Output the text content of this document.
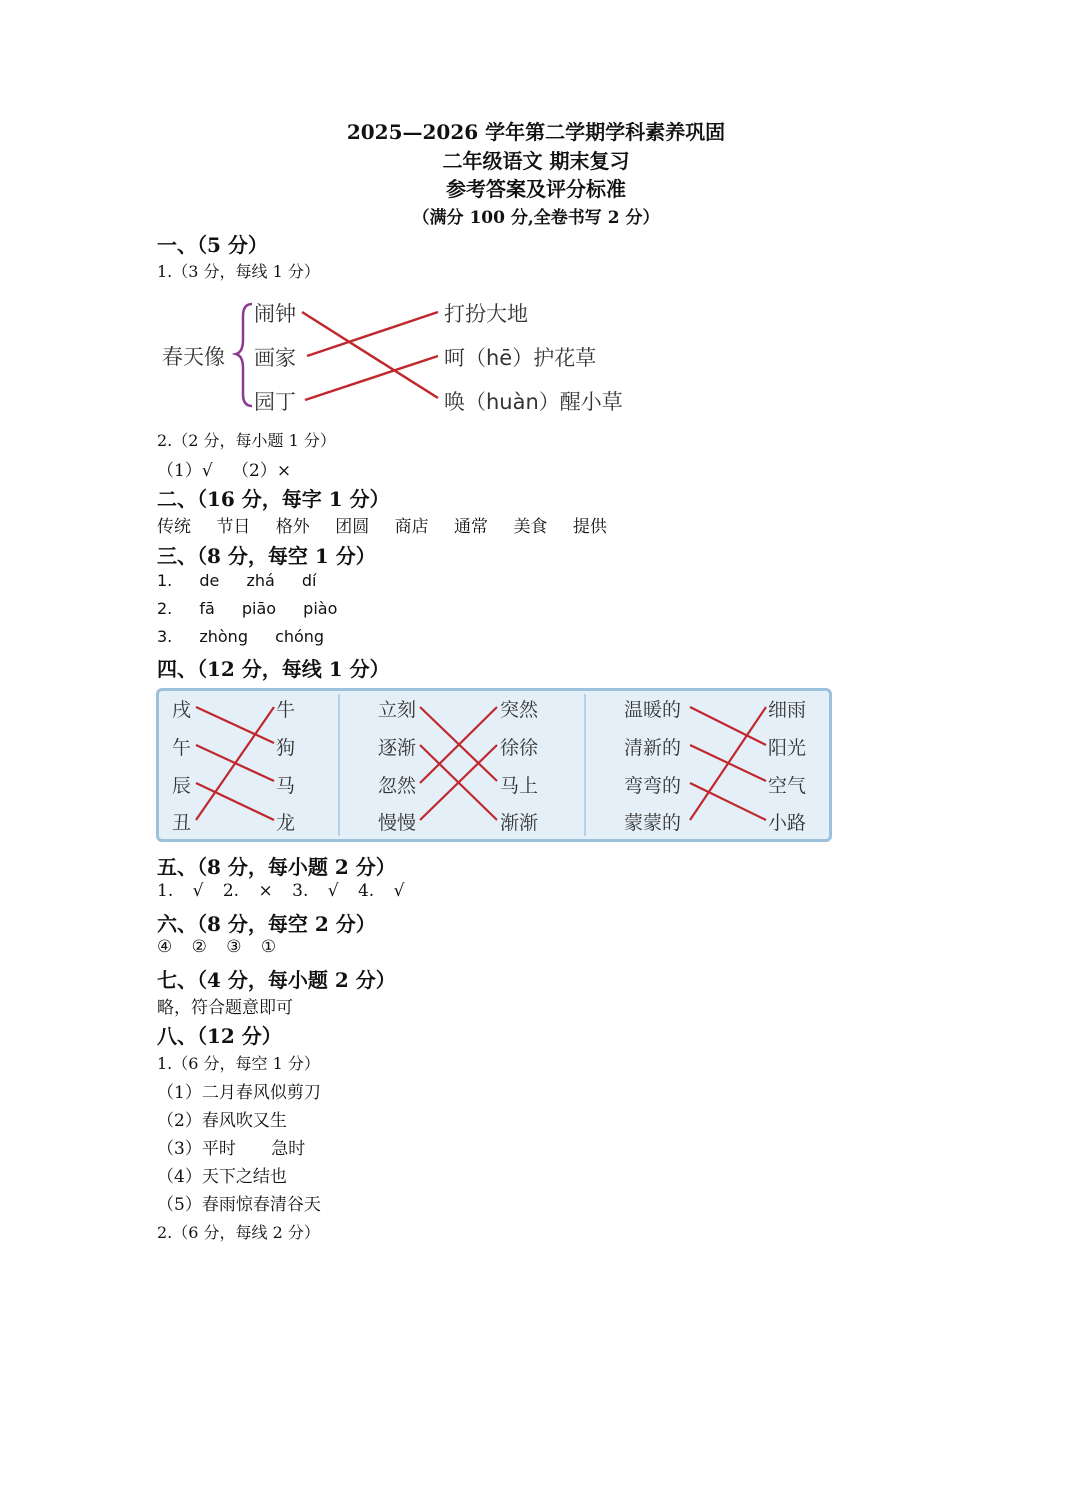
2025—2026 学年第二学期学科素养巩固
二年级语文 期末复习
参考答案及评分标准
（满分 100 分,全卷书写 2 分）
一、（5 分）
1.（3 分，每线 1 分）
春天像
闹钟
画家
园丁
打扮大地
呵（hē）护花草
唤（huàn）醒小草
2.（2 分，每小题 1 分）
（1）√ （2）×
二、（16 分，每字 1 分）
传统 节日 格外 团圆 商店 通常 美食 提供
三、（8 分，每空 1 分）
1. de zhá dí
2. fā piāo piào
3. zhòng chóng
四、（12 分，每线 1 分）
戌
午
辰
丑
牛
狗
马
龙
立刻
逐渐
忽然
慢慢
突然
徐徐
马上
渐渐
温暖的
清新的
弯弯的
蒙蒙的
细雨
阳光
空气
小路
五、（8 分，每小题 2 分）
1. √ 2. × 3. √ 4. √
六、（8 分，每空 2 分）
④ ② ③ ①
七、（4 分，每小题 2 分）
略，符合题意即可
八、（12 分）
1.（6 分，每空 1 分）
（1）二月春风似剪刀
（2）春风吹又生
（3）平时 急时
（4）天下之结也
（5）春雨惊春清谷天
2.（6 分，每线 2 分）
